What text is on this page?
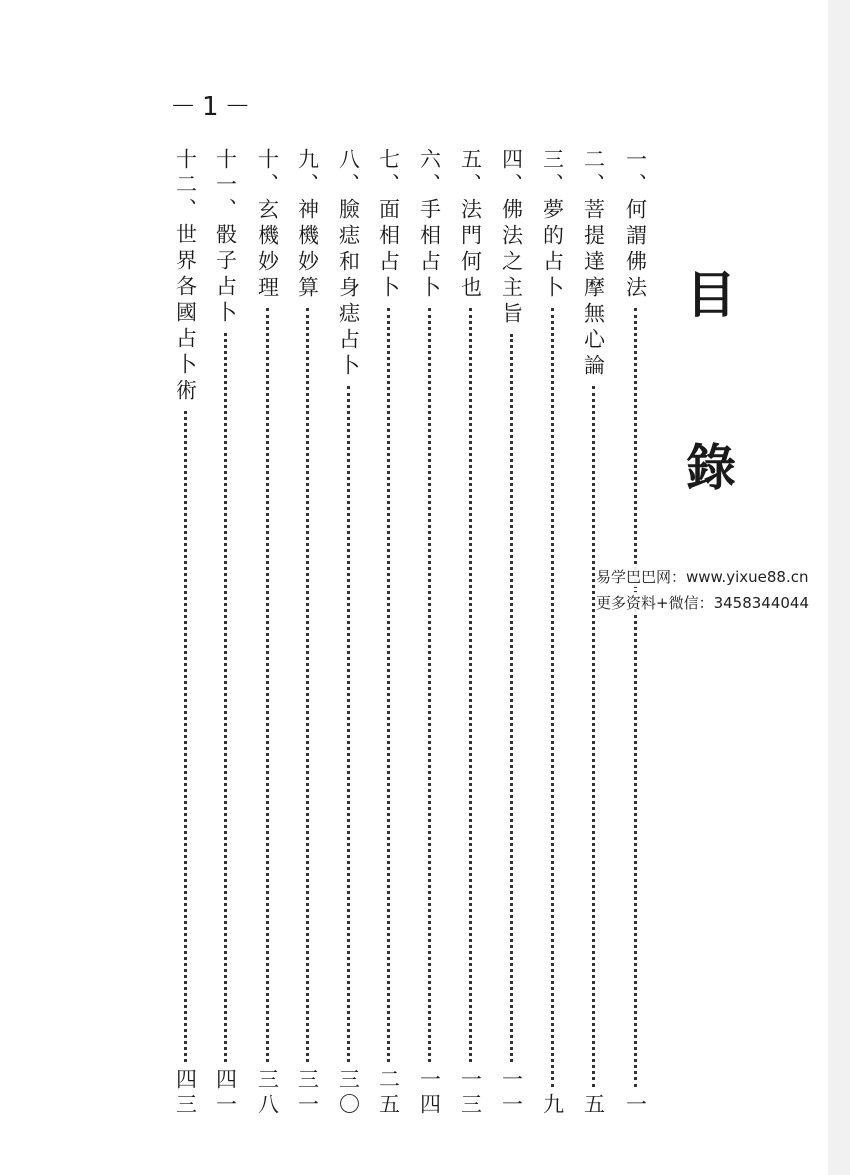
－1－
目
錄
一
、
何謂佛法
一
二
、
菩提達摩無心論
五
三
、
夢的占卜
九
四
、
佛法之主旨
一一
五
、
法門何也
一三
六
、
手相占卜
一四
七
、
面相占卜
二五
八
、
臉痣和身痣占卜
三〇
九
、
神機妙算
三一
十
、
玄機妙理
三八
十一
、
骰子占卜
四一
十二
、
世界各國占卜術
四三
易学巴巴网：www.yixue88.cn
更多资料+微信：3458344044
